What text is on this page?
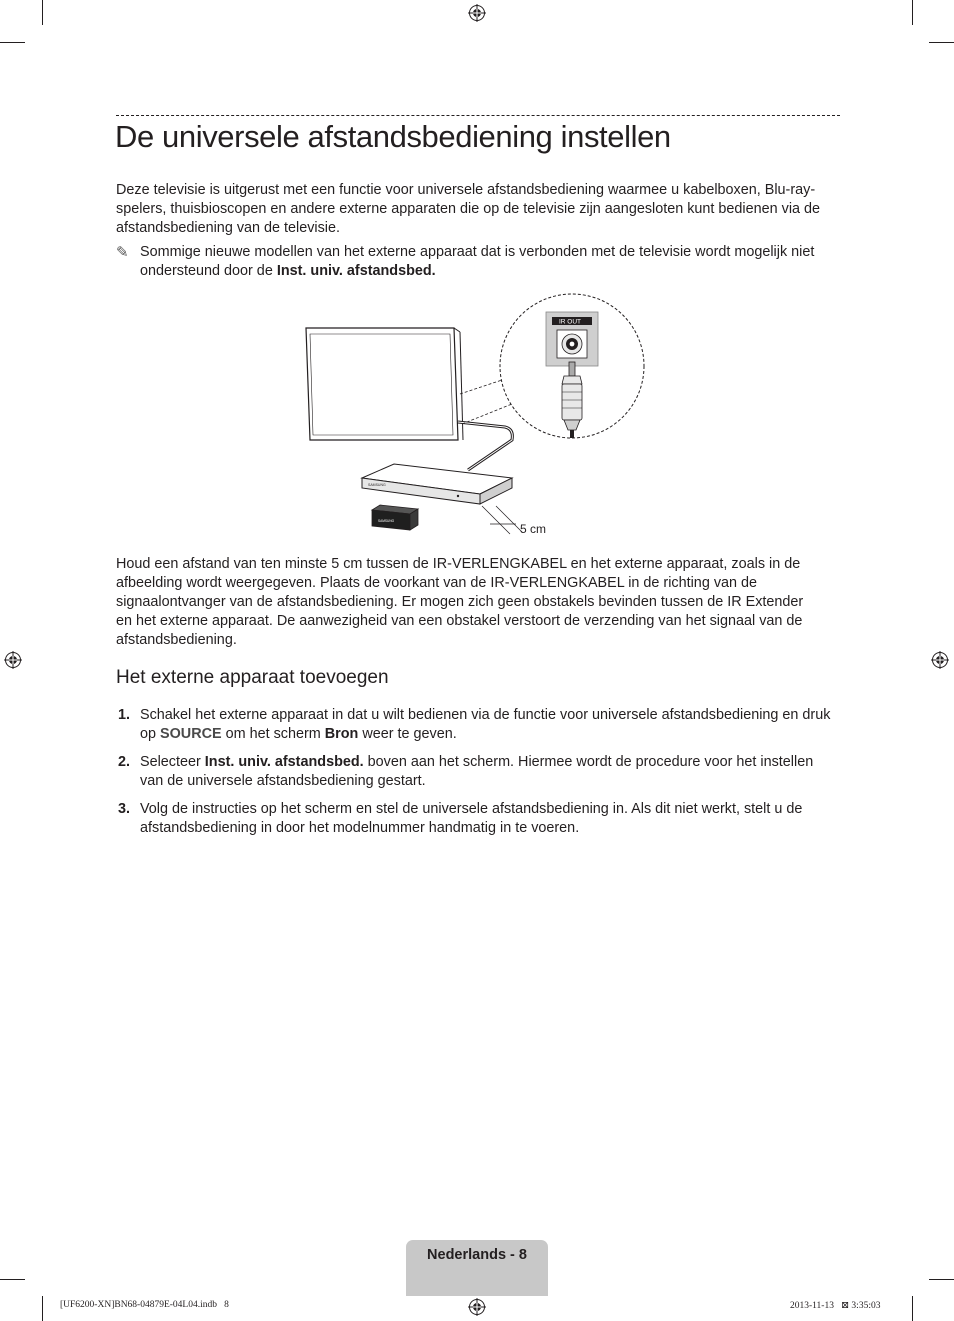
De universele afstandsbediening instellen

Deze televisie is uitgerust met een functie voor universele afstandsbediening waarmee u kabelboxen, Blu-ray-spelers, thuisbioscopen en andere externe apparaten die op de televisie zijn aangesloten kunt bedienen via de afstandsbediening van de televisie.

✎ Sommige nieuwe modellen van het externe apparaat dat is verbonden met de televisie wordt mogelijk niet ondersteund door de Inst. univ. afstandsbed.
SAMSUNG
SAMSUNG
5 cm
IR OUT

Houd een afstand van ten minste 5 cm tussen de IR-VERLENGKABEL en het externe apparaat, zoals in de afbeelding wordt weergegeven. Plaats de voorkant van de IR-VERLENGKABEL in de richting van de signaalontvanger van de afstandsbediening. Er mogen zich geen obstakels bevinden tussen de IR Extender en het externe apparaat. De aanwezigheid van een obstakel verstoort de verzending van het signaal van de afstandsbediening.

Het externe apparaat toevoegen
1. Schakel het externe apparaat in dat u wilt bedienen via de functie voor universele afstandsbediening en druk op SOURCE om het scherm Bron weer te geven.
2. Selecteer Inst. univ. afstandsbed. boven aan het scherm. Hiermee wordt de procedure voor het instellen van de universele afstandsbediening gestart.
3. Volg de instructies op het scherm en stel de universele afstandsbediening in. Als dit niet werkt, stelt u de afstandsbediening in door het modelnummer handmatig in te voeren.
Nederlands - 8
[UF6200-XN]BN68-04879E-04L04.indb   8	2013-11-13   ⊠ 3:35:03
